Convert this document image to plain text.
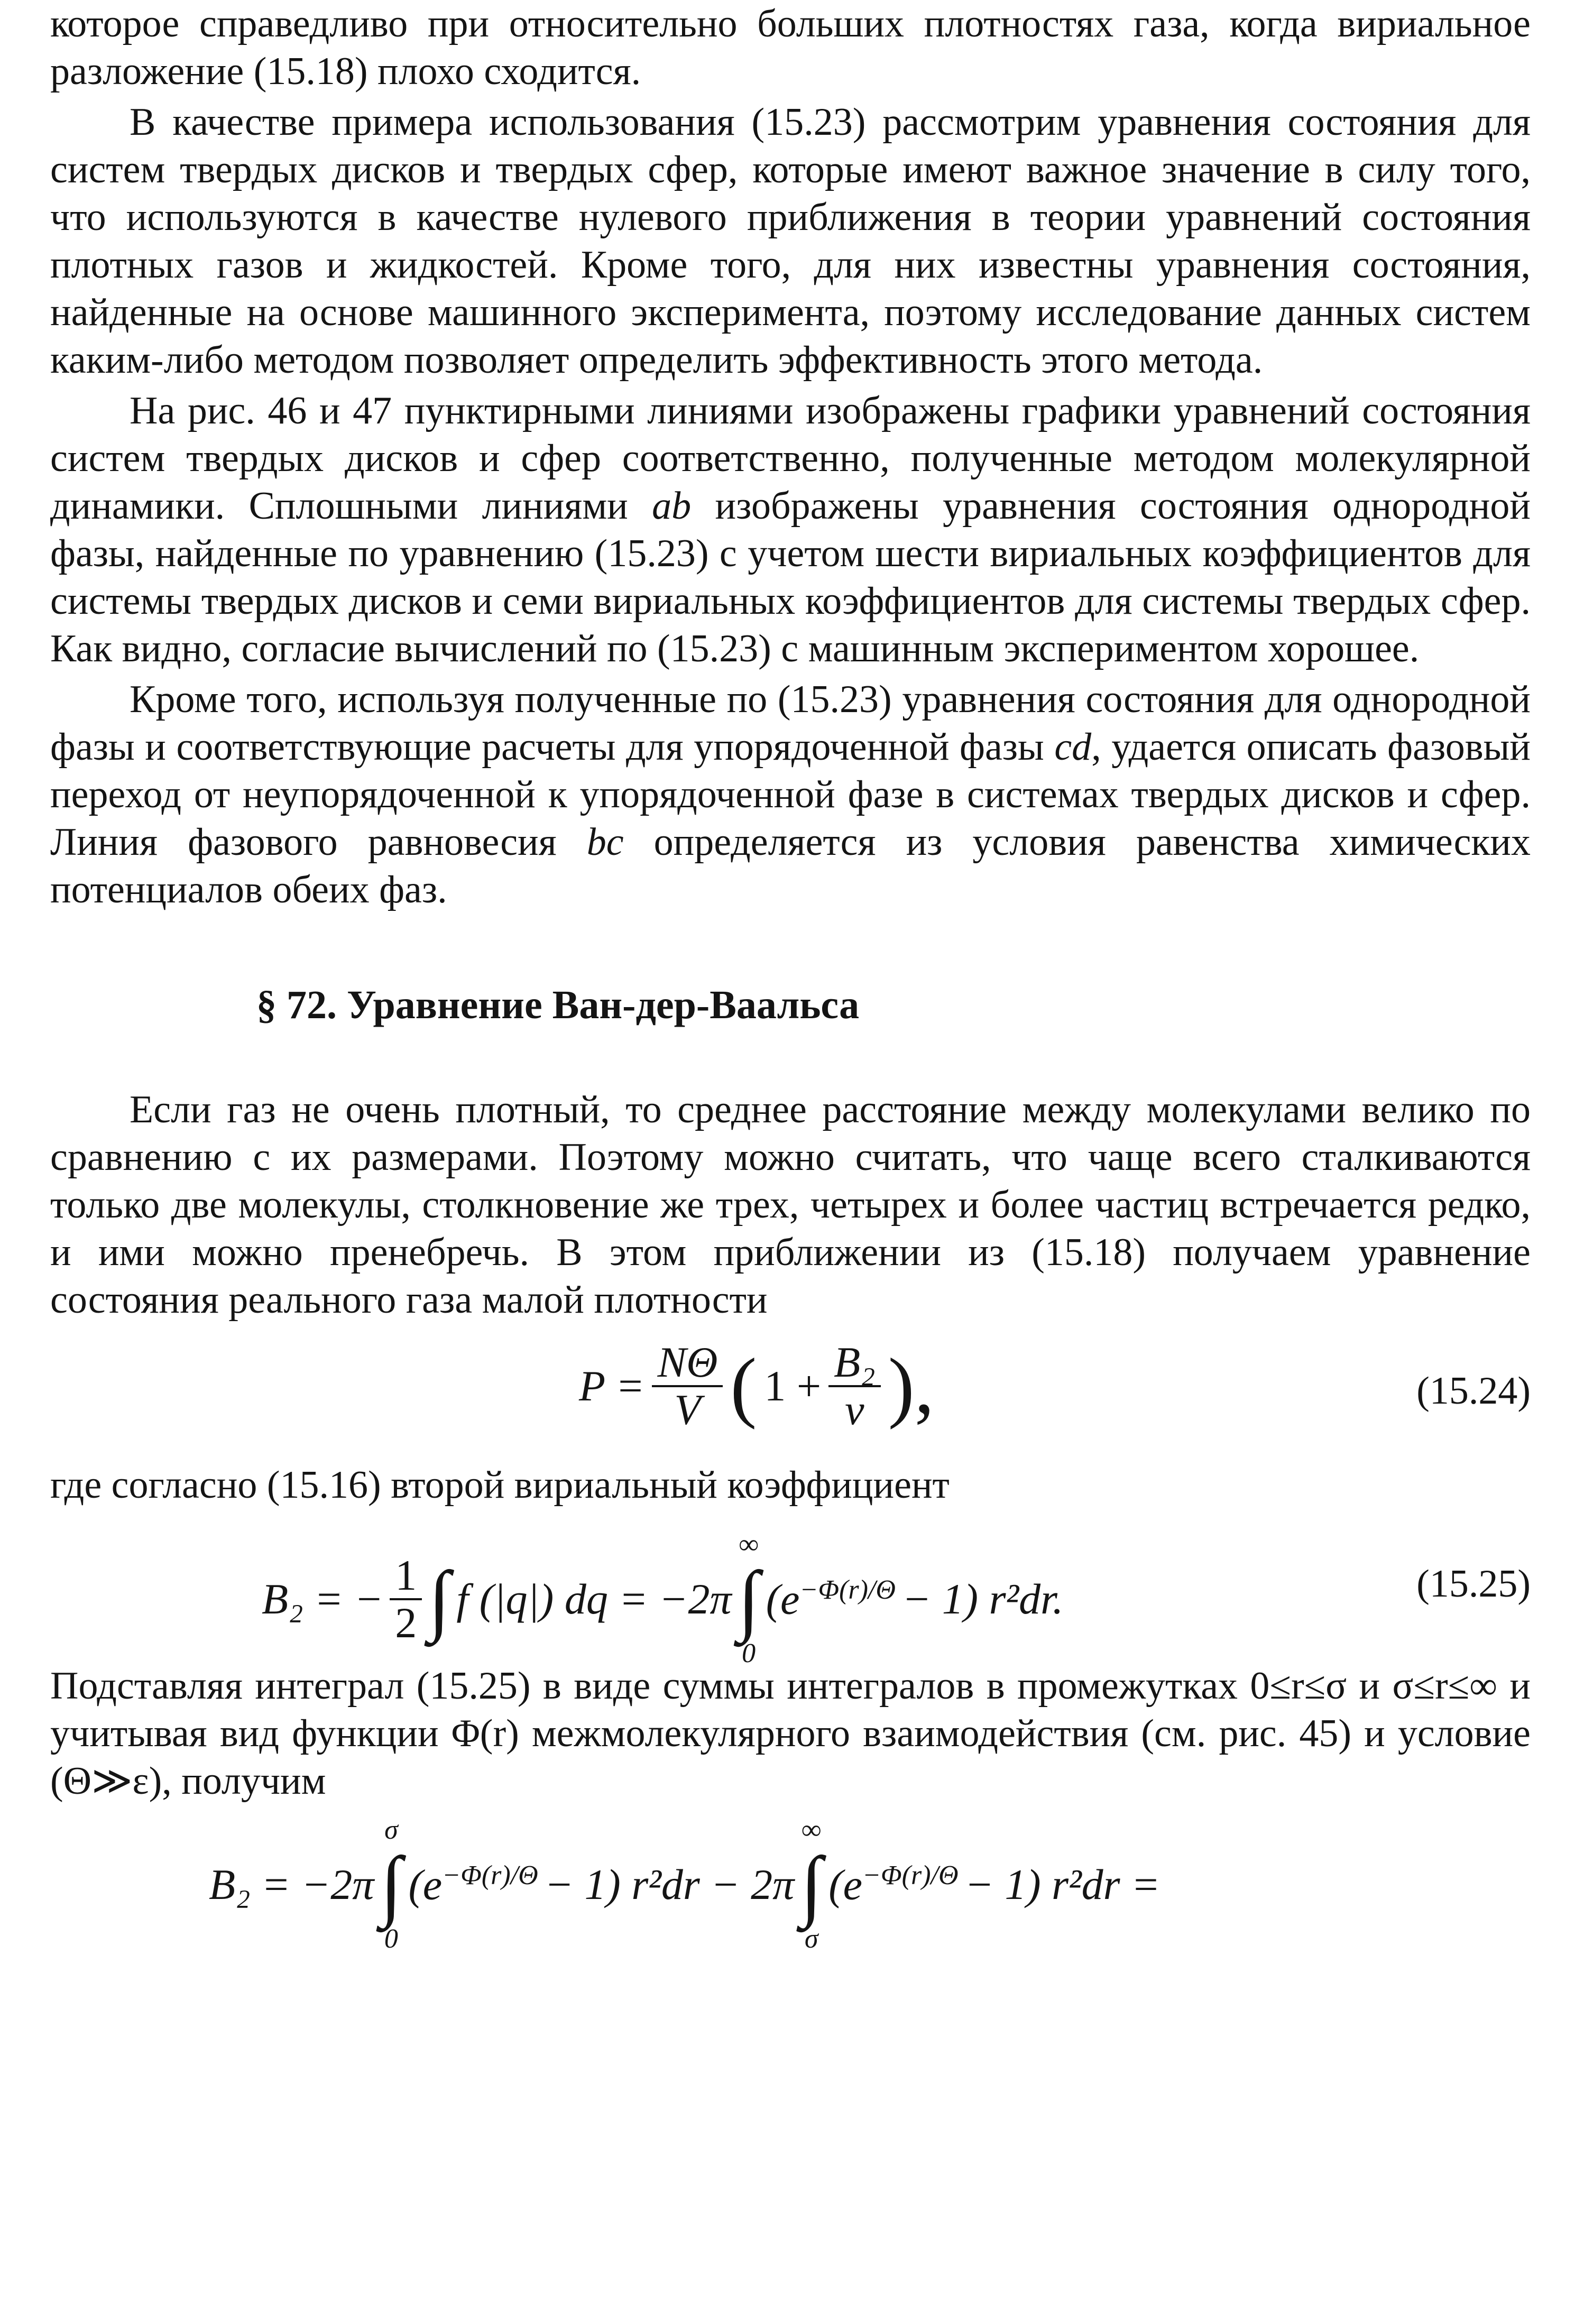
которое справедливо при относительно больших плотностях газа, когда вириальное разложение (15.18) плохо сходится.

В качестве примера использования (15.23) рассмотрим уравнения состояния для систем твердых дисков и твердых сфер, которые имеют важное значение в силу того, что используются в качестве нулевого приближения в теории уравнений состояния плотных газов и жидкостей. Кроме того, для них известны уравнения состояния, найденные на основе машинного эксперимента, поэтому исследование данных систем каким-либо методом позволяет определить эффективность этого метода.

На рис. 46 и 47 пунктирными линиями изображены графики уравнений состояния систем твердых дисков и сфер соответственно, полученные методом молекулярной динамики. Сплошными линиями ab изображены уравнения состояния однородной фазы, найденные по уравнению (15.23) с учетом шести вириальных коэффициентов для системы твердых дисков и семи вириальных коэффициентов для системы твердых сфер. Как видно, согласие вычислений по (15.23) с машинным экспериментом хорошее.

Кроме того, используя полученные по (15.23) уравнения состояния для однородной фазы и соответствующие расчеты для упорядоченной фазы cd, удается описать фазовый переход от неупорядоченной к упорядоченной фазе в системах твердых дисков и сфер. Линия фазового равновесия bc определяется из условия равенства химических потенциалов обеих фаз.

§ 72. Уравнение Ван-дер-Ваальса

Если газ не очень плотный, то среднее расстояние между молекулами велико по сравнению с их размерами. Поэтому можно считать, что чаще всего сталкиваются только две молекулы, столкновение же трех, четырех и более частиц встречается редко, и ими можно пренебречь. В этом приближении из (15.18) получаем уравнение состояния реального газа малой плотности

$P = \frac{N\Theta}{V}$ ( $1 + \frac{\text{B₂}}{v}$ ),	(15.24)

где согласно (15.16) второй вириальный коэффициент

B₂ = − $\frac{1}{2}$ ∫ f (|q|) dq = −2π
∞
∫
0
$(e^{-\Phi(r)/\Theta} - 1)$ r²dr.	(15.25)

Подставляя интеграл (15.25) в виде суммы интегралов в промежутках 0≤r≤σ и σ≤r≤∞ и учитывая вид функции Φ(r) межмолекулярного взаимодействия (см. рис. 45) и условие (Θ≫ε), получим

B₂ = −2π
σ
∫
0
$(e^{-\Phi(r)/\Theta} - 1) r^2dr - 2\pi$
∞
∫
σ
$(e^{-\Phi(r)/\Theta} - 1) r^2dr$ =
